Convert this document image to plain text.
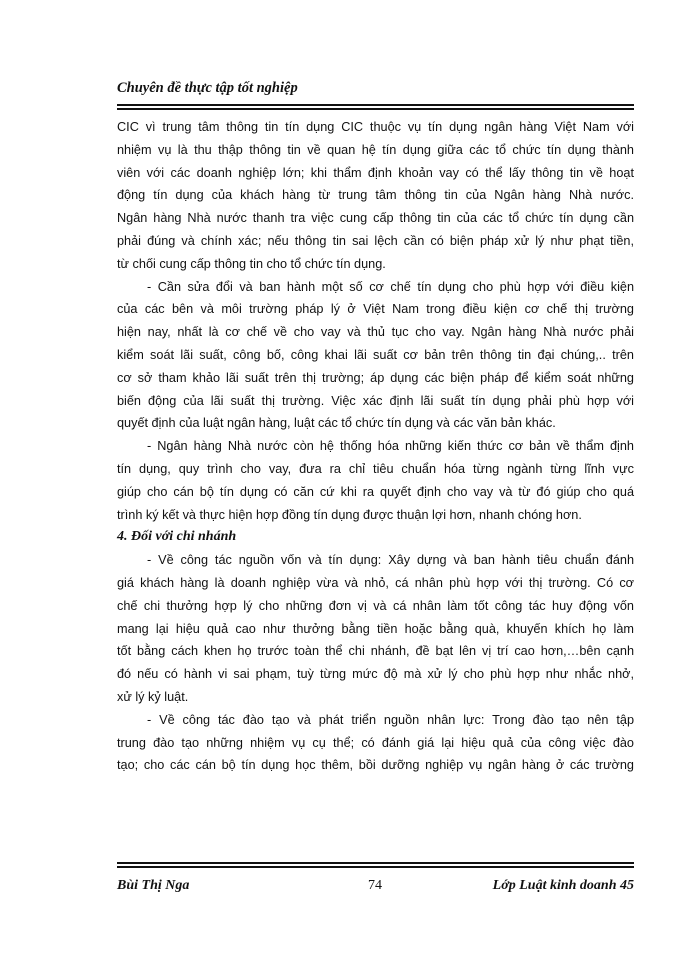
Chuyên đề thực tập tốt nghiệp

CIC vì trung tâm thông tin tín dụng CIC thuộc vụ tín dụng ngân hàng Việt Nam với
nhiệm vụ là thu thập thông tin về quan hệ tín dụng giữa các tổ chức tín dụng thành
viên với các doanh nghiệp lớn; khi thẩm định khoản vay có thể lấy thông tin về hoạt
động tín dụng của khách hàng từ trung tâm thông tin của Ngân hàng Nhà nước.
Ngân hàng Nhà nước thanh tra việc cung cấp thông tin của các tổ chức tín dụng cần
phải đúng và chính xác; nếu thông tin sai lệch cần có biện pháp xử lý như phạt tiền,
từ chối cung cấp thông tin cho tổ chức tín dụng.

- Cần sửa đổi và ban hành một số cơ chế tín dụng cho phù hợp với điều kiện
của các bên và môi trường pháp lý ở Việt Nam trong điều kiện cơ chế thị trường
hiện nay, nhất là cơ chế về cho vay và thủ tục cho vay. Ngân hàng Nhà nước phải
kiểm soát lãi suất, công bố, công khai lãi suất cơ bản trên thông tin đại chúng,.. trên
cơ sở tham khảo lãi suất trên thị trường; áp dụng các biện pháp để kiểm soát những
biến động của lãi suất thị trường. Việc xác định lãi suất tín dụng phải phù hợp với
quyết định của luật ngân hàng, luật các tổ chức tín dụng và các văn bản khác.

- Ngân hàng Nhà nước còn hệ thống hóa những kiến thức cơ bản về thẩm định
tín dụng, quy trình cho vay, đưa ra chỉ tiêu chuẩn hóa từng ngành từng lĩnh vực
giúp cho cán bộ tín dụng có căn cứ khi ra quyết định cho vay và từ đó giúp cho quá
trình ký kết và thực hiện hợp đồng tín dụng được thuận lợi hơn, nhanh chóng hơn.

4. Đối với chi nhánh

- Về công tác nguồn vốn và tín dụng: Xây dựng và ban hành tiêu chuẩn đánh
giá khách hàng là doanh nghiệp vừa và nhỏ, cá nhân phù hợp với thị trường. Có cơ
chế chi thưởng hợp lý cho những đơn vị và cá nhân làm tốt công tác huy động vốn
mang lại hiệu quả cao như thưởng bằng tiền hoặc bằng quà, khuyến khích họ làm
tốt bằng cách khen họ trước toàn thể chi nhánh, đề bạt lên vị trí cao hơn,…bên cạnh
đó nếu có hành vi sai phạm, tuỳ từng mức độ mà xử lý cho phù hợp như nhắc nhở,
xử lý kỷ luật.

- Về công tác đào tạo và phát triển nguồn nhân lực: Trong đào tạo nên tập
trung đào tạo những nhiệm vụ cụ thể; có đánh giá lại hiệu quả của công việc đào
tạo; cho các cán bộ tín dụng học thêm, bồi dưỡng nghiệp vụ ngân hàng ở các trường

Bùi Thị Nga	74	Lớp Luật kinh doanh 45
